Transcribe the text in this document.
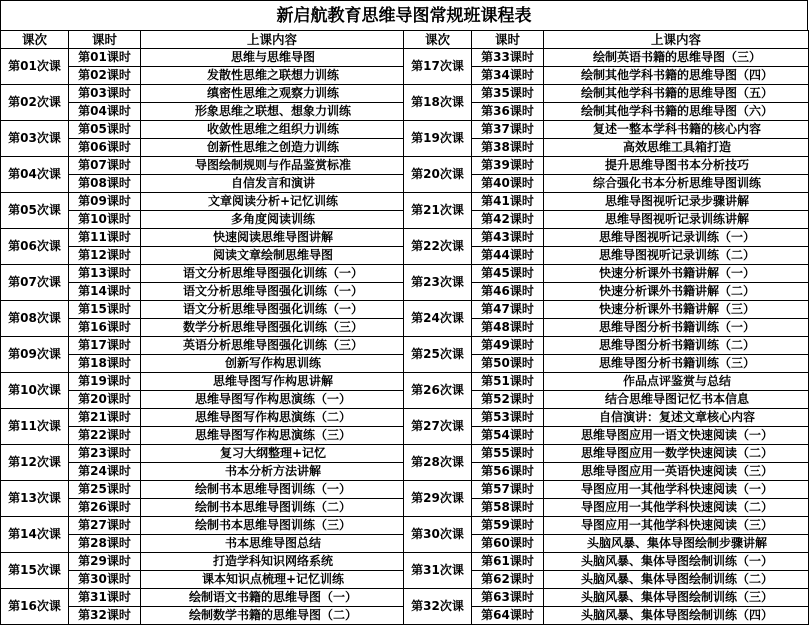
新启航教育思维导图常规班课程表
课次	课时	上课内容	课次	课时	上课内容
第01次课	第01课时	思维与思维导图	第17次课	第33课时	绘制英语书籍的思维导图（三）
	第02课时	发散性思维之联想力训练		第34课时	绘制其他学科书籍的思维导图（四）
第02次课	第03课时	缜密性思维之观察力训练	第18次课	第35课时	绘制其他学科书籍的思维导图（五）
	第04课时	形象思维之联想、想象力训练		第36课时	绘制其他学科书籍的思维导图（六）
第03次课	第05课时	收敛性思维之组织力训练	第19次课	第37课时	复述一整本学科书籍的核心内容
	第06课时	创新性思维之创造力训练		第38课时	高效思维工具箱打造
第04次课	第07课时	导图绘制规则与作品鉴赏标准	第20次课	第39课时	提升思维导图书本分析技巧
	第08课时	自信发言和演讲		第40课时	综合强化书本分析思维导图训练
第05次课	第09课时	文章阅读分析+记忆训练	第21次课	第41课时	思维导图视听记录步骤讲解
	第10课时	多角度阅读训练		第42课时	思维导图视听记录训练讲解
第06次课	第11课时	快速阅读思维导图讲解	第22次课	第43课时	思维导图视听记录训练（一）
	第12课时	阅读文章绘制思维导图		第44课时	思维导图视听记录训练（二）
第07次课	第13课时	语文分析思维导图强化训练（一）	第23次课	第45课时	快速分析课外书籍讲解（一）
	第14课时	语文分析思维导图强化训练（一）		第46课时	快速分析课外书籍讲解（二）
第08次课	第15课时	语文分析思维导图强化训练（一）	第24次课	第47课时	快速分析课外书籍讲解（三）
	第16课时	数学分析思维导图强化训练（三）		第48课时	思维导图分析书籍训练（一）
第09次课	第17课时	英语分析思维导图强化训练（三）	第25次课	第49课时	思维导图分析书籍训练（二）
	第18课时	创新写作构思训练		第50课时	思维导图分析书籍训练（三）
第10次课	第19课时	思维导图写作构思讲解	第26次课	第51课时	作品点评鉴赏与总结
	第20课时	思维导图写作构思演练（一）		第52课时	结合思维导图记忆书本信息
第11次课	第21课时	思维导图写作构思演练（二）	第27次课	第53课时	自信演讲：复述文章核心内容
	第22课时	思维导图写作构思演练（三）		第54课时	思维导图应用一语文快速阅读（一）
第12次课	第23课时	复习大纲整理+记忆	第28次课	第55课时	思维导图应用一数学快速阅读（二）
	第24课时	书本分析方法讲解		第56课时	思维导图应用一英语快速阅读（三）
第13次课	第25课时	绘制书本思维导图训练（一）	第29次课	第57课时	导图应用一其他学科快速阅读（一）
	第26课时	绘制书本思维导图训练（二）		第58课时	导图应用一其他学科快速阅读（二）
第14次课	第27课时	绘制书本思维导图训练（三）	第30次课	第59课时	导图应用一其他学科快速阅读（三）
	第28课时	书本思维导图总结		第60课时	头脑风暴、集体导图绘制步骤讲解
第15次课	第29课时	打造学科知识网络系统	第31次课	第61课时	头脑风暴、集体导图绘制训练（一）
	第30课时	课本知识点梳理+记忆训练		第62课时	头脑风暴、集体导图绘制训练（二）
第16次课	第31课时	绘制语文书籍的思维导图（一）	第32次课	第63课时	头脑风暴、集体导图绘制训练（三）
	第32课时	绘制数学书籍的思维导图（二）		第64课时	头脑风暴、集体导图绘制训练（四）
